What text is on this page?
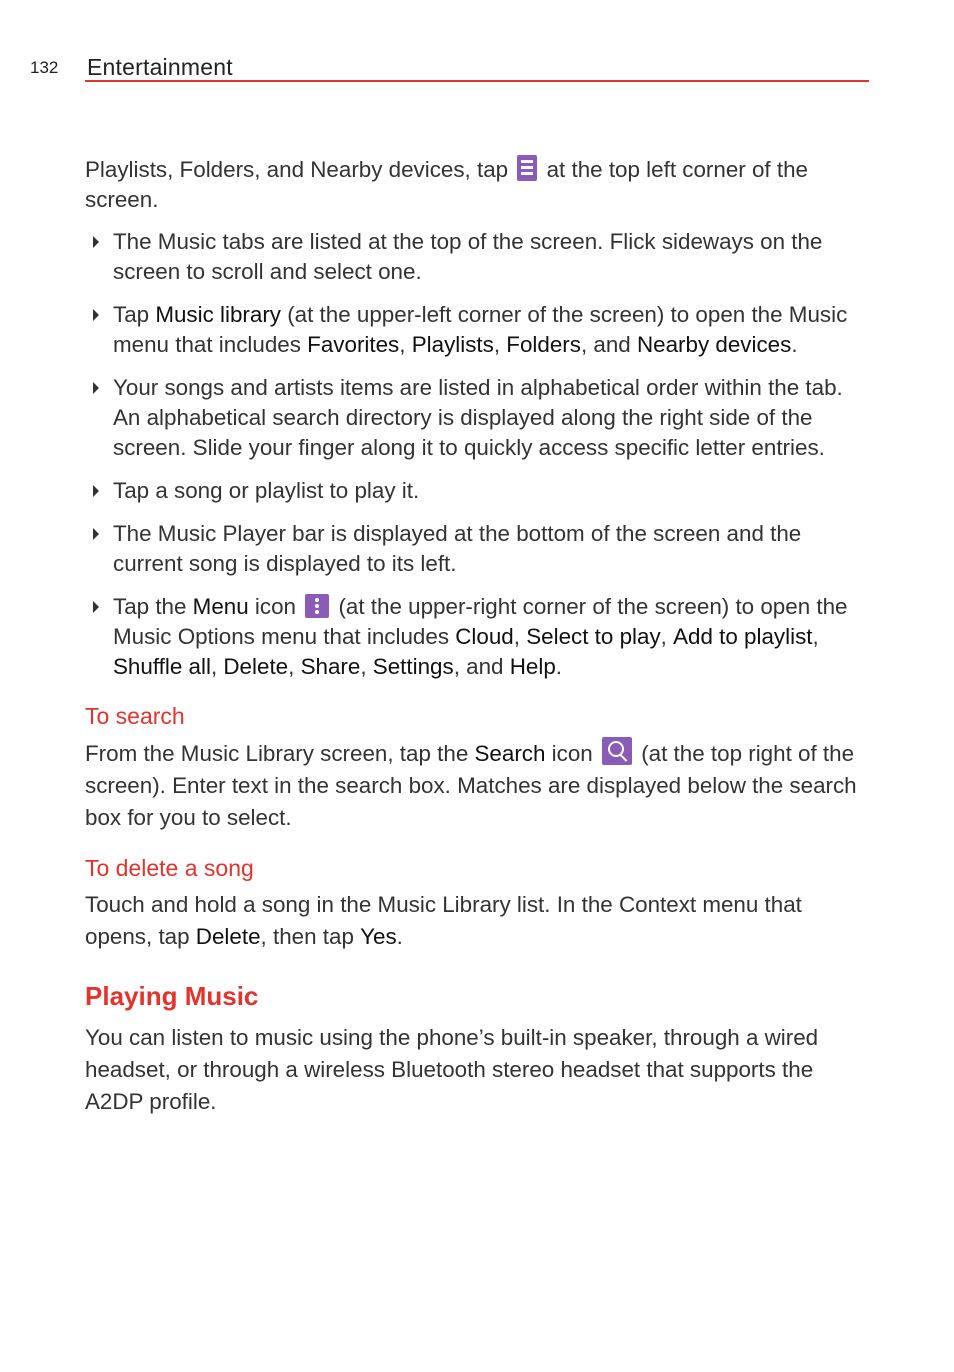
132 Entertainment

Playlists, Folders, and Nearby devices, tap
at the top left corner of the screen.

The Music tabs are listed at the top of the screen. Flick sideways on the screen to scroll and select one.
Tap Music library (at the upper-left corner of the screen) to open the Music menu that includes Favorites, Playlists, Folders, and Nearby devices.
Your songs and artists items are listed in alphabetical order within the tab. An alphabetical search directory is displayed along the right side of the screen. Slide your finger along it to quickly access specific letter entries.
Tap a song or playlist to play it.
The Music Player bar is displayed at the bottom of the screen and the current song is displayed to its left.
Tap the Menu icon
(at the upper-right corner of the screen) to open the Music Options menu that includes Cloud, Select to play, Add to playlist, Shuffle all, Delete, Share, Settings, and Help.
To search

From the Music Library screen, tap the Search icon
(at the top right of the screen). Enter text in the search box. Matches are displayed below the search box for you to select.

To delete a song

Touch and hold a song in the Music Library list. In the Context menu that opens, tap Delete, then tap Yes.

Playing Music

You can listen to music using the phone’s built-in speaker, through a wired headset, or through a wireless Bluetooth stereo headset that supports the A2DP profile.
